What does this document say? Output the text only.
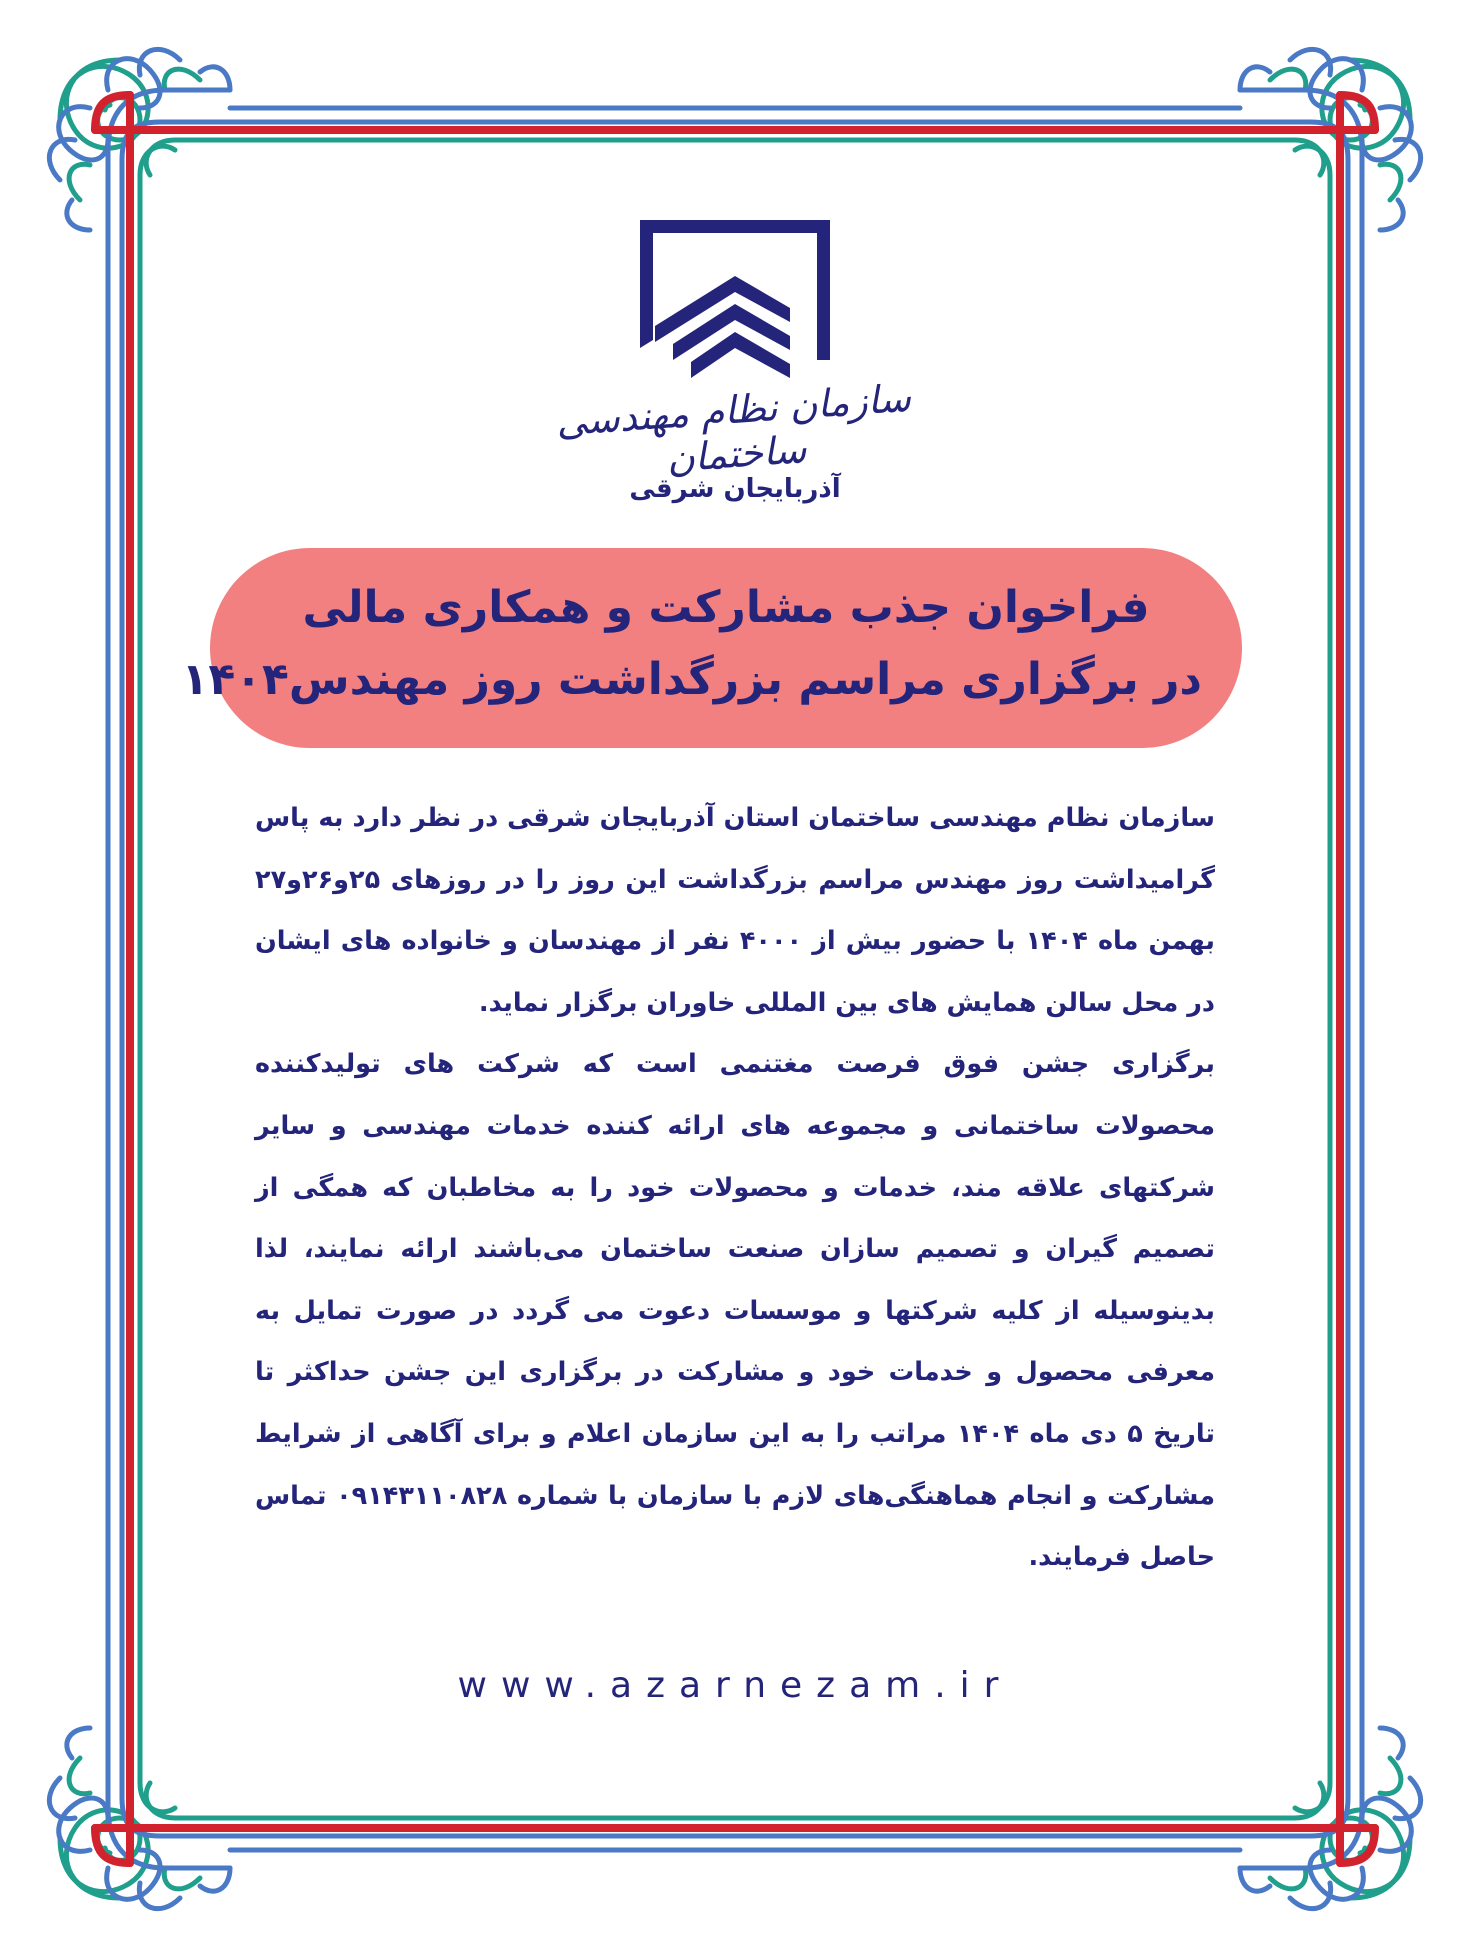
سازمان نظام مهندسی ساختمان
آذربایجان شرقی
فراخوان جذب مشارکت و همکاری مالی
در برگزاری مراسم بزرگداشت روز مهندس۱۴۰۴

سازمان نظام مهندسی ساختمان استان آذربایجان شرقی در نظر دارد به پاس گرامیداشت روز مهندس مراسم بزرگداشت این روز را در روزهای ۲۵و۲۶و۲۷ بهمن ماه ۱۴۰۴ با حضور بیش از ۴۰۰۰ نفر از مهندسان و خانواده های ایشان در محل سالن همایش های بین المللی خاوران برگزار نماید.

برگزاری جشن فوق فرصت مغتنمی است که شرکت های تولیدکننده محصولات ساختمانی و مجموعه های ارائه کننده خدمات مهندسی و سایر شرکتهای علاقه مند، خدمات و محصولات خود را به مخاطبان که همگی از تصمیم گیران و تصمیم سازان صنعت ساختمان می‌باشند ارائه نمایند، لذا بدینوسیله از کلیه شرکتها و موسسات دعوت می گردد در صورت تمایل به معرفی محصول و خدمات خود و مشارکت در برگزاری این جشن حداکثر تا تاریخ ۵ دی ماه ۱۴۰۴ مراتب را به این سازمان اعلام و برای آگاهی از شرایط مشارکت و انجام هماهنگی‌های لازم با سازمان با شماره ۰۹۱۴۳۱۱۰۸۲۸ تماس حاصل فرمایند.

www.azarnezam.ir
